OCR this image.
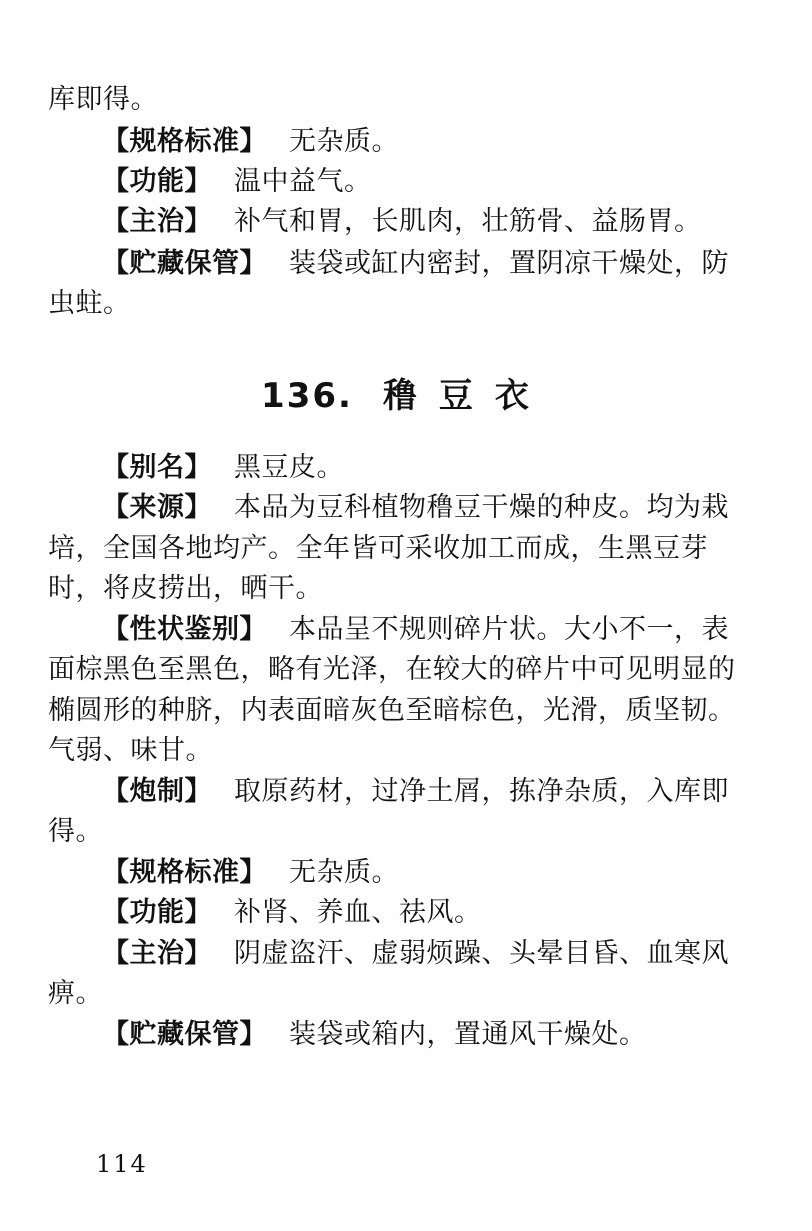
库即得。
【规格标准】 无杂质。
【功能】 温中益气。
【主治】 补气和胃，长肌肉，壮筋骨、益肠胃。
【贮藏保管】 装袋或缸内密封，置阴凉干燥处，防
虫蛀。
136. 穞豆衣
【别名】 黑豆皮。
【来源】 本品为豆科植物穞豆干燥的种皮。均为栽
培，全国各地均产。全年皆可采收加工而成，生黑豆芽
时，将皮捞出，晒干。
【性状鉴别】 本品呈不规则碎片状。大小不一，表
面棕黑色至黑色，略有光泽，在较大的碎片中可见明显的
椭圆形的种脐，内表面暗灰色至暗棕色，光滑，质坚韧。
气弱、味甘。
【炮制】 取原药材，过净土屑，拣净杂质，入库即
得。
【规格标准】 无杂质。
【功能】 补肾、养血、祛风。
【主治】 阴虚盗汗、虚弱烦躁、头晕目昏、血寒风
痹。
【贮藏保管】 装袋或箱内，置通风干燥处。
114
